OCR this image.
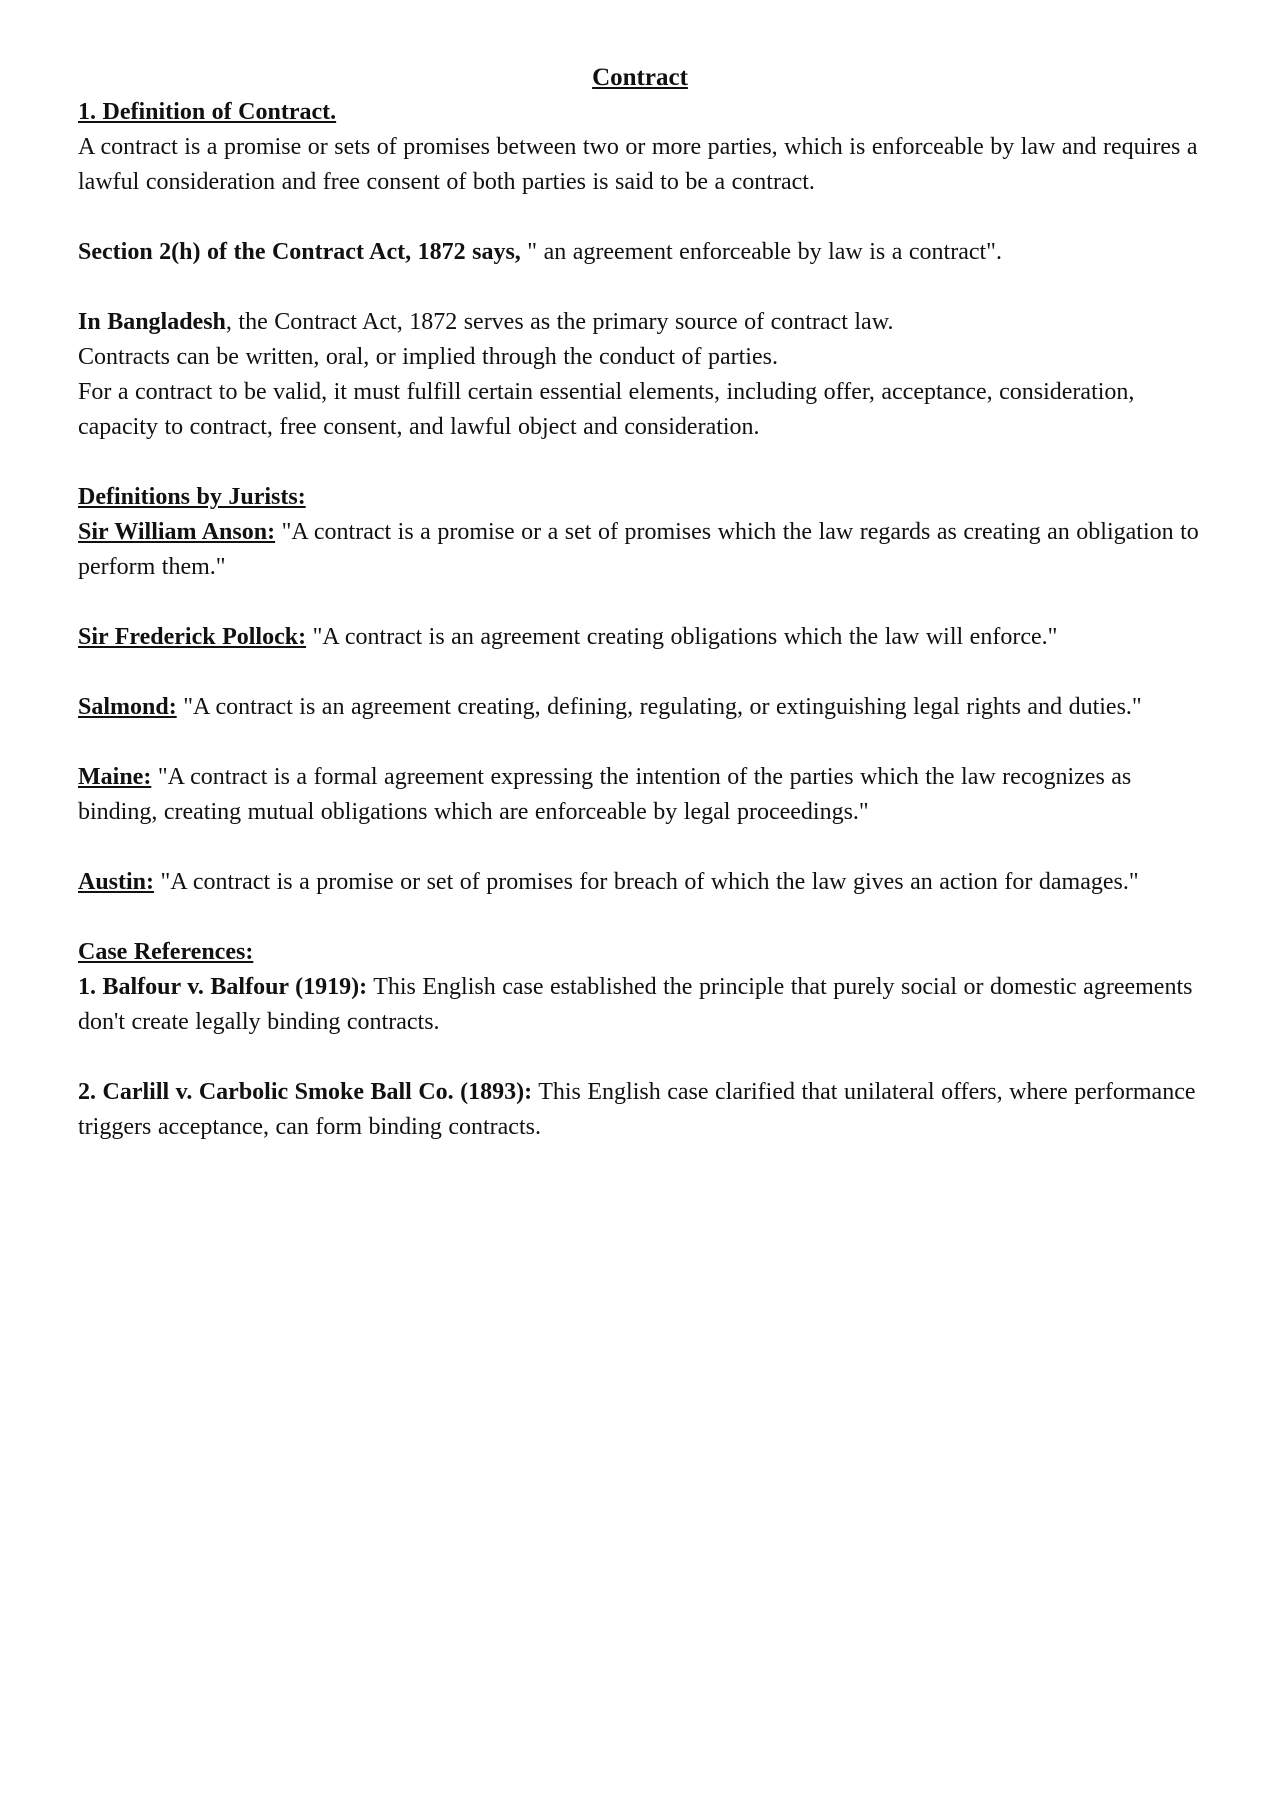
Contract

1. Definition of Contract.

A contract is a promise or sets of promises between two or more parties, which is enforceable by law and requires a lawful consideration and free consent of both parties is said to be a contract.

Section 2(h) of the Contract Act, 1872 says, " an agreement enforceable by law is a contract".

In Bangladesh, the Contract Act, 1872 serves as the primary source of contract law.

Contracts can be written, oral, or implied through the conduct of parties.

For a contract to be valid, it must fulfill certain essential elements, including offer, acceptance, consideration, capacity to contract, free consent, and lawful object and consideration.

Definitions by Jurists:

Sir William Anson: "A contract is a promise or a set of promises which the law regards as creating an obligation to perform them."

Sir Frederick Pollock: "A contract is an agreement creating obligations which the law will enforce."

Salmond: "A contract is an agreement creating, defining, regulating, or extinguishing legal rights and duties."

Maine: "A contract is a formal agreement expressing the intention of the parties which the law recognizes as binding, creating mutual obligations which are enforceable by legal proceedings."

Austin: "A contract is a promise or set of promises for breach of which the law gives an action for damages."

Case References:

1. Balfour v. Balfour (1919): This English case established the principle that purely social or domestic agreements don't create legally binding contracts.

2. Carlill v. Carbolic Smoke Ball Co. (1893): This English case clarified that unilateral offers, where performance triggers acceptance, can form binding contracts.
